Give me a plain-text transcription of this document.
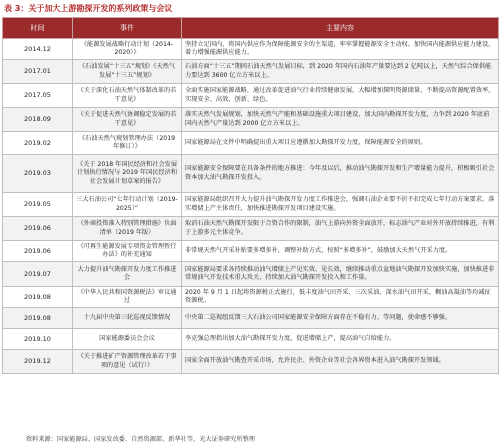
表 3：关于加大上游勘探开发的系列政策与会议
时间	事件	主要内容
2014.12	《能源发展战略行动计划（2014-2020）》	坚持立足国内，将国内供应作为保障能源安全的主渠道，牢牢掌握能源安全主动权。加快国内能源供应能力建设，着力增强能源供应能力。
2017.01	《石油发展“十三五”规划》《天然气发展“十三五”规划》	石油方面“十三五”期间石油天然气发展目标，到 2020 年国内石油年产量要达到 2 亿吨以上，天然气综合保供能力要达到 3600 亿立方米以上。
2017.05	《关于深化石油天然气体制改革的若干意见》	全面实施国家能源战略，通过改革促进油气行业持续健康发展，大幅增加探明资源储量，不断提高资源配置效率，实现安全、高效、创新、绿色。
2018.09	《关于促进天然气协调稳定发展的若干意见》	落实天然气发展规划，加快天然气产能和基础设施重大项目建设，加大国内勘探开发力度，力争到 2020 年底前国内天然气产量达到 2000 亿立方米以上。
2019.02	《石油天然气规划管理办法（2019 年修订）》	国家能源局在文件中明确提出重大项目应遵循加大勘探开发力度，保障能源安全的原则。
2019.03	《关于 2018 年国民经济和社会发展计划执行情况与 2019 年国民经济和社会发展计划草案的报告》	国家能源安全保障要在具备条件的地方推进：今年及以后，推动油气勘探开发和生产增量能力提升，积极吸引社会资本加大油气勘探开发投入。
2019.05	三大石油公司“七年行动计划（2019-2025）”	国家能源局组织召开大力提升油气勘探开发力度工作推进会，强调石油企业要不折不扣完成七年行动方案要求，落实增储上产主体责任，加快推进勘探开发项目建设实施。
2019.06	《外商投资准入特别管理措施》负面清单（2019 年版）	取消石油天然气勘探开发限于合资合作的限制，油气上游向外资全面放开，标志油气产业对外开放持续推进，有利于上游多元主体竞争。
2019.06	《可再生能源发展专项资金管理暂行办法》的补充通知	非常规天然气开采补贴要多增多补，调整补助方式，按照“多增多补”，鼓励加大天然气开采力度。
2019.07	大力提升油气勘探开发力度工作推进会	国家能源局要求各持续推动油气增储上产见实效、见长效，继续推动重点盆地油气勘探开发加快实施，加快推进非常规油气开发技术重大攻关，持续加大油气勘探开发投入和工作量。
2019.08	《中华人民共和国资源税法》审议通过	2020 年 9 月 1 日起将资源税正式施行，低丰度油气田开采、三次采油、深水油气田开采，稠油高凝油等均减征资源税。
2019.08	十九届中央第三轮巡视反馈情况	中央第二巡视组反馈三大石油公司国家能源安全保障方面存在不稳有力、等问题，使命感不够强。
2019.10	国家能源委员会会议	李克强总理指出加大油气勘探开发力度，促进增储上产，提高油气自给能力。
2019.12	《关于推进矿产资源管理改革若干事项的意见（试行）》	国家全面开放油气勘查开采市场，允许民企、外资企业等社会各界资本进入油气勘探开发领域。
资料来源：国家能源局、国家发改委、自然资源部、新华社等，光大证券研究所整理
